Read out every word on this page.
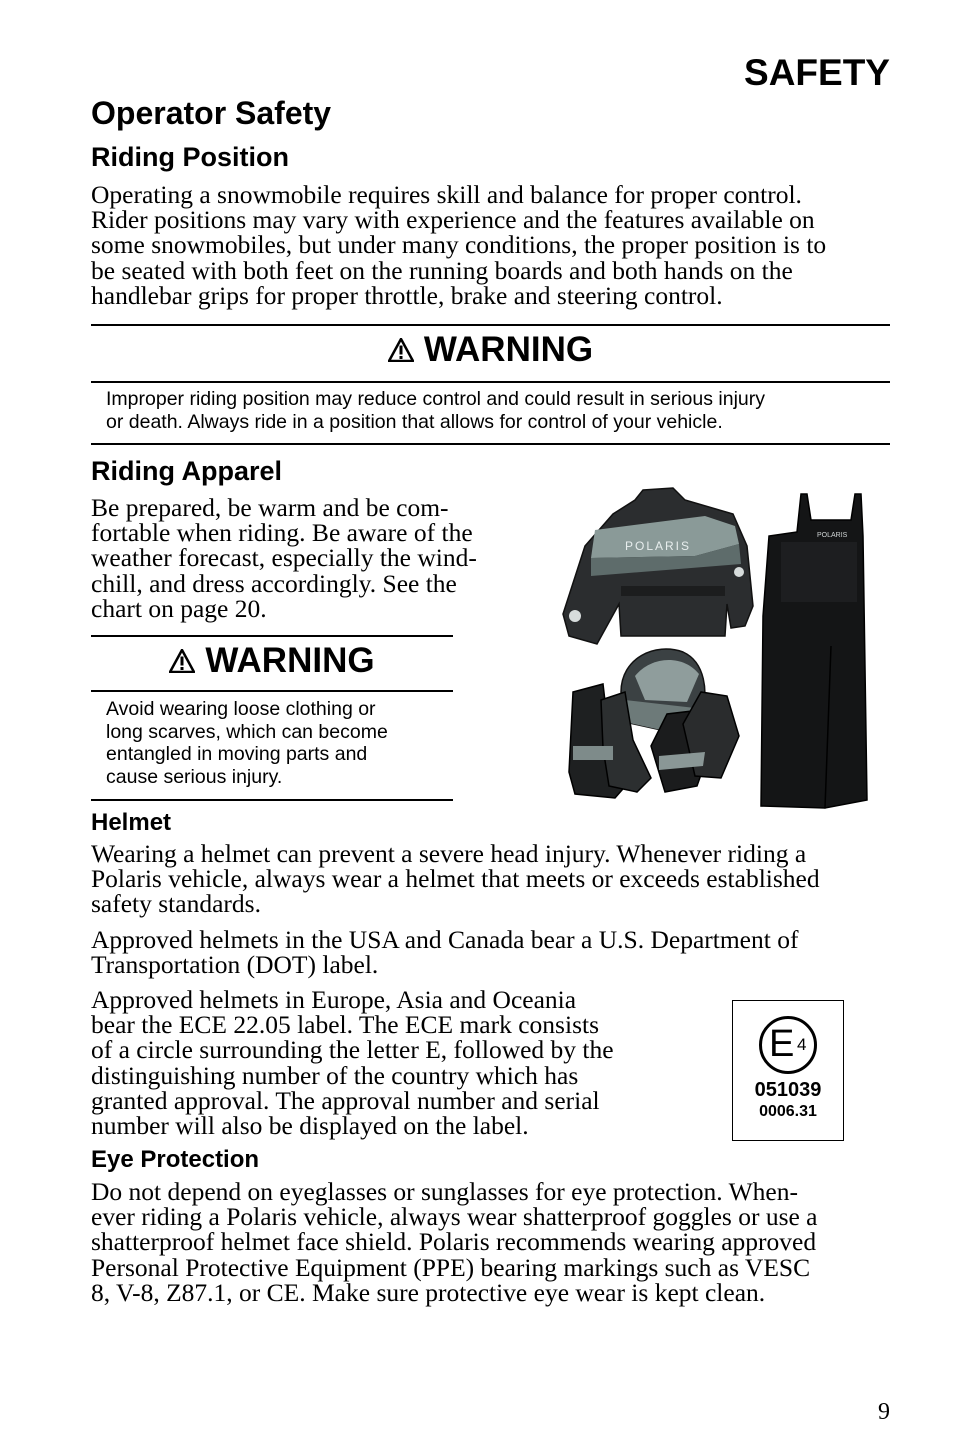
SAFETY
Operator Safety
Riding Position
Operating a snowmobile requires skill and balance for proper control.
Rider positions may vary with experience and the features available on
some snowmobiles, but under many conditions, the proper position is to
be seated with both feet on the running boards and both hands on the
handlebar grips for proper throttle, brake and steering control.
WARNING
Improper riding position may reduce control and could result in serious injury
or death. Always ride in a position that allows for control of your vehicle.
Riding Apparel
Be prepared, be warm and be com-
fortable when riding. Be aware of the
weather forecast, especially the wind-
chill, and dress accordingly. See the
chart on page 20.
WARNING
Avoid wearing loose clothing or
long scarves, which can become
entangled in moving parts and
cause serious injury.
POLARIS
POLARIS
Helmet
Wearing a helmet can prevent a severe head injury. Whenever riding a
Polaris vehicle, always wear a helmet that meets or exceeds established
safety standards.
Approved helmets in the USA and Canada bear a U.S. Department of
Transportation (DOT) label.
Approved helmets in Europe, Asia and Oceania
bear the ECE 22.05 label. The ECE mark consists
of a circle surrounding the letter E, followed by the
distinguishing number of the country which has
granted approval. The approval number and serial
number will also be displayed on the label.
E 4
051039
0006.31
Eye Protection
Do not depend on eyeglasses or sunglasses for eye protection. When-
ever riding a Polaris vehicle, always wear shatterproof goggles or use a
shatterproof helmet face shield. Polaris recommends wearing approved
Personal Protective Equipment (PPE) bearing markings such as VESC
8, V-8, Z87.1, or CE. Make sure protective eye wear is kept clean.
9
